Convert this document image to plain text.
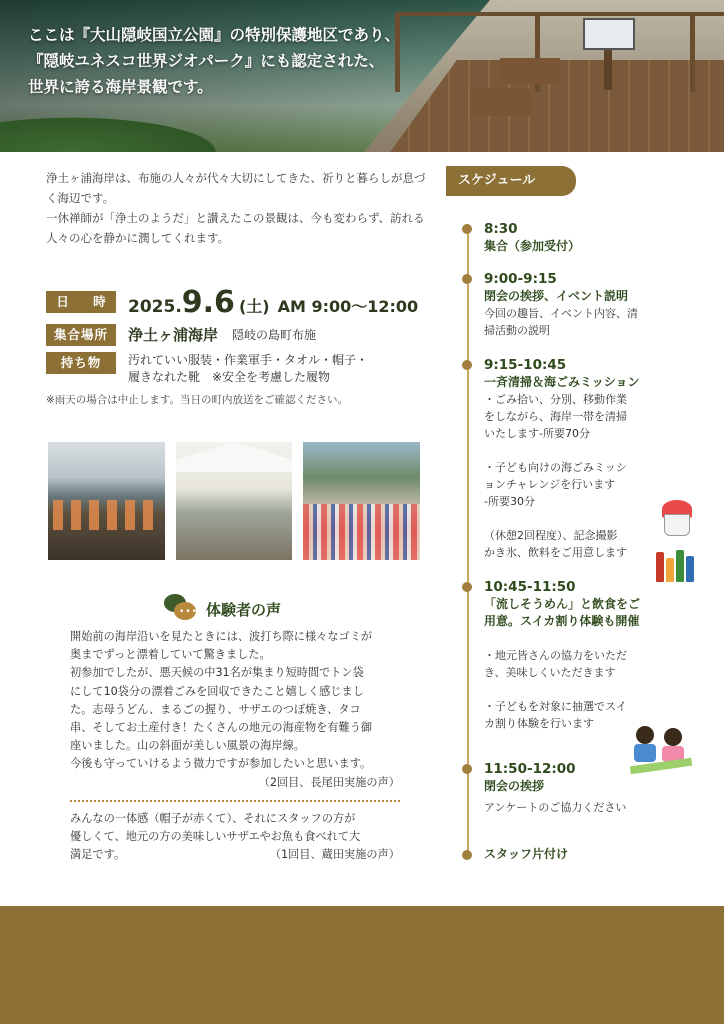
ここは『大山隠岐国立公園』の特別保護地区であり、
『隠岐ユネスコ世界ジオパーク』にも認定された、
世界に誇る海岸景観です。

浄土ヶ浦海岸は、布施の人々が代々大切にしてきた、祈りと暮らしが息づく海辺です。

一休禅師が「浄土のようだ」と讃えたこの景観は、今も変わらず、訪れる人々の心を静かに潤してくれます。

日 時 2025. 9.6 (土) AM 9:00〜12:00
集合場所	浄土ヶ浦海岸 隠岐の島町布施
持ち物	汚れていい服装・作業軍手・タオル・帽子・
履きなれた靴　※安全を考慮した履物
※雨天の場合は中止します。当日の町内放送をご確認ください。
••• 体験者の声

開始前の海岸沿いを見たときには、波打ち際に様々なゴミが

奥までずっと漂着していて驚きました。

初参加でしたが、悪天候の中31名が集まり短時間でトン袋

にして10袋分の漂着ごみを回収できたこと嬉しく感じまし

た。志母うどん、まるごの握り、サザエのつぼ焼き、タコ

串、そしてお土産付き！たくさんの地元の海産物を有難う御

座いました。山の斜面が美しい風景の海岸線。

今後も守っていけるよう微力ですが参加したいと思います。

（2回目、長尾田実施の声）

みんなの一体感（帽子が赤くて）、それにスタッフの方が

優しくて、地元の方の美味しいサザエやお魚も食べれて大

満足です。	（1回目、蔵田実施の声）

スケジュール
8:30
集合（参加受付）
9:00-9:15
閉会の挨拶、イベント説明
今回の趣旨、イベント内容、清
掃活動の説明
9:15-10:45
一斉清掃＆海ごみミッション
・ごみ拾い、分別、移動作業
をしながら、海岸一帯を清掃
いたします-所要70分
・子ども向けの海ごみミッシ
ョンチャレンジを行います
-所要30分
（休憩2回程度）、記念撮影
かき氷、飲料をご用意します
10:45-11:50
「流しそうめん」と飲食をご用意。スイカ割り体験も開催
・地元皆さんの協力をいただ
き、美味しくいただきます
・子どもを対象に抽選でスイ
カ割り体験を行います
11:50-12:00
閉会の挨拶
アンケートのご協力ください
スタッフ片付け
